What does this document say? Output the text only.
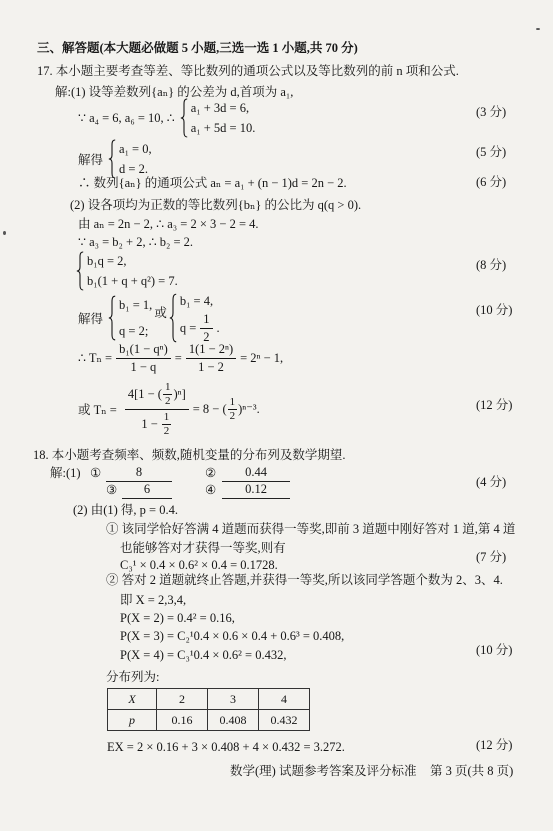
三、解答题(本大题必做题 5 小题,三选一选 1 小题,共 70 分)
17. 本小题主要考查等差、等比数列的通项公式以及等比数列的前 n 项和公式.
解:(1) 设等差数列{aₙ} 的公差为 d,首项为 a₁,
∵ a₄ = 6, a₆ = 10, ∴
a₁ + 3d = 6,
a₁ + 5d = 10.
(3 分)
解得
a₁ = 0,
d = 2.
(5 分)
∴ 数列{aₙ} 的通项公式 aₙ = a₁ + (n − 1)d = 2n − 2.	(6 分)
(2) 设各项均为正数的等比数列{bₙ} 的公比为 q(q > 0).
由 aₙ = 2n − 2, ∴ a₃ = 2 × 3 − 2 = 4.
∵ a₃ = b₂ + 2, ∴ b₂ = 2.
b₁q = 2,
b₁(1 + q + q²) = 7.
(8 分)
解得
b₁ = 1,
q = 2;
或
b₁ = 4,
$q = \frac{1}{2}$ .
(10 分)
∴ $T_n = \frac{\text{b₁(1 − qⁿ)}}{1 - q} = \frac{\text{1(1 − 2ⁿ)}}{1 - 2} = 2^n - 1$,
或 Tₙ =
4[1 − ( $\frac{1}{2} )^n$]
$1 - \frac{1}{2}$
= 8 − ( $\frac{1}{2} )^{n-3}$.	(12 分)
18. 本小题考查频率、频数,随机变量的分布列及数学期望.
解:(1) ①	8	②	0.44
③	6	④	0.12	(4 分)
(2) 由(1) 得, p = 0.4.
① 该同学恰好答满 4 道题而获得一等奖,即前 3 道题中刚好答对 1 道,第 4 道
也能够答对才获得一等奖,则有
C₃¹ × 0.4 × 0.6² × 0.4 = 0.1728.
(7 分)
② 答对 2 道题就终止答题,并获得一等奖,所以该同学答题个数为 2、3、4.
即 X = 2,3,4,
P(X = 2) = 0.4² = 0.16,
P(X = 3) = C₂¹0.4 × 0.6 × 0.4 + 0.6³ = 0.408,
P(X = 4) = C₃¹0.4 × 0.6² = 0.432,	(10 分)
分布列为:
X	2	3	4
p	0.16	0.408	0.432
EX = 2 × 0.16 + 3 × 0.408 + 4 × 0.432 = 3.272.	(12 分)
数学(理) 试题参考答案及评分标准 第 3 页(共 8 页)
